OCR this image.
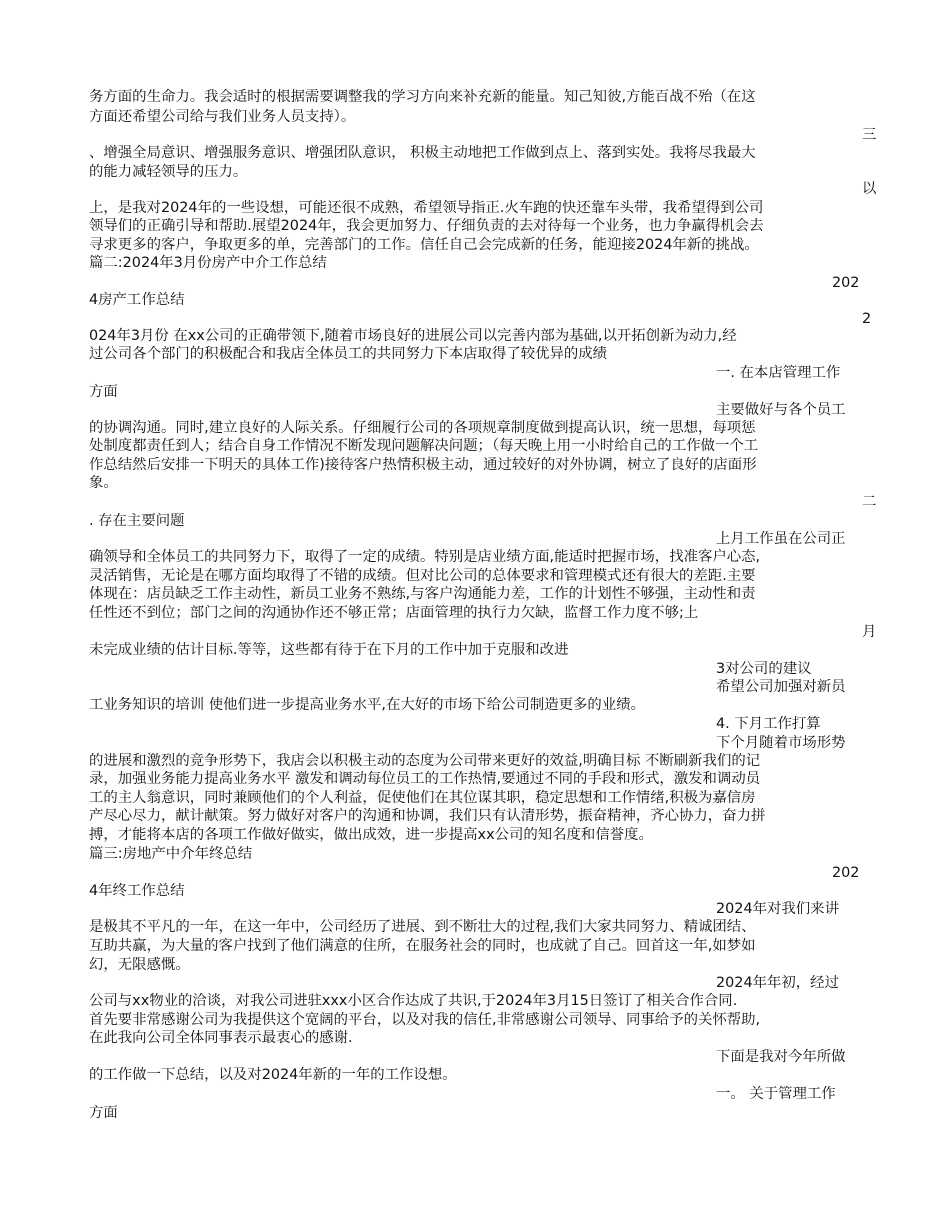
务方面的生命力。我会适时的根据需要调整我的学习方向来补充新的能量。知己知彼,方能百战不殆（在这
方面还希望公司给与我们业务人员支持）。
三
、增强全局意识、增强服务意识、增强团队意识， 积极主动地把工作做到点上、落到实处。我将尽我最大
的能力减轻领导的压力。
以
上，是我对2024年的一些设想，可能还很不成熟，希望领导指正.火车跑的快还靠车头带，我希望得到公司
领导们的正确引导和帮助.展望2024年，我会更加努力、仔细负责的去对待每一个业务，也力争赢得机会去
寻求更多的客户，争取更多的单，完善部门的工作。信任自己会完成新的任务，能迎接2024年新的挑战。
篇二:2024年3月份房产中介工作总结
202
4房产工作总结
2
024年3月份 在xx公司的正确带领下,随着市场良好的进展公司以完善内部为基础,以开拓创新为动力,经
过公司各个部门的积极配合和我店全体员工的共同努力下本店取得了较优异的成绩
一. 在本店管理工作
方面
主要做好与各个员工
的协调沟通。同时,建立良好的人际关系。仔细履行公司的各项规章制度做到提高认识，统一思想，每项惩
处制度都责任到人；结合自身工作情况不断发现问题解决问题；（每天晚上用一小时给自己的工作做一个工
作总结然后安排一下明天的具体工作)接待客户热情积极主动，通过较好的对外协调，树立了良好的店面形
象。
二
. 存在主要问题
上月工作虽在公司正
确领导和全体员工的共同努力下，取得了一定的成绩。特别是店业绩方面,能适时把握市场，找准客户心态,
灵活销售，无论是在哪方面均取得了不错的成绩。但对比公司的总体要求和管理模式还有很大的差距.主要
体现在：店员缺乏工作主动性，新员工业务不熟练,与客户沟通能力差，工作的计划性不够强，主动性和责
任性还不到位；部门之间的沟通协作还不够正常；店面管理的执行力欠缺，监督工作力度不够;上
月
未完成业绩的估计目标.等等，这些都有待于在下月的工作中加于克服和改进
3对公司的建议
希望公司加强对新员
工业务知识的培训 使他们进一步提高业务水平,在大好的市场下给公司制造更多的业绩。
4. 下月工作打算
下个月随着市场形势
的进展和激烈的竞争形势下，我店会以积极主动的态度为公司带来更好的效益,明确目标 不断刷新我们的记
录，加强业务能力提高业务水平 激发和调动每位员工的工作热情,要通过不同的手段和形式，激发和调动员
工的主人翁意识，同时兼顾他们的个人利益，促使他们在其位谋其职，稳定思想和工作情绪,积极为嘉信房
产尽心尽力，献计献策。努力做好对客户的沟通和协调，我们只有认清形势，振奋精神，齐心协力，奋力拼
搏，才能将本店的各项工作做好做实，做出成效，进一步提高xx公司的知名度和信誉度。
篇三:房地产中介年终总结
202
4年终工作总结
2024年对我们来讲
是极其不平凡的一年，在这一年中，公司经历了进展、到不断壮大的过程,我们大家共同努力、精诚团结、
互助共赢，为大量的客户找到了他们满意的住所，在服务社会的同时，也成就了自己。回首这一年,如梦如
幻，无限感慨。
2024年年初，经过
公司与xx物业的洽谈，对我公司进驻xxx小区合作达成了共识,于2024年3月15日签订了相关合作合同.
首先要非常感谢公司为我提供这个宽阔的平台，以及对我的信任,非常感谢公司领导、同事给予的关怀帮助,
在此我向公司全体同事表示最衷心的感谢.
下面是我对今年所做
的工作做一下总结，以及对2024年新的一年的工作设想。
一。 关于管理工作
方面
